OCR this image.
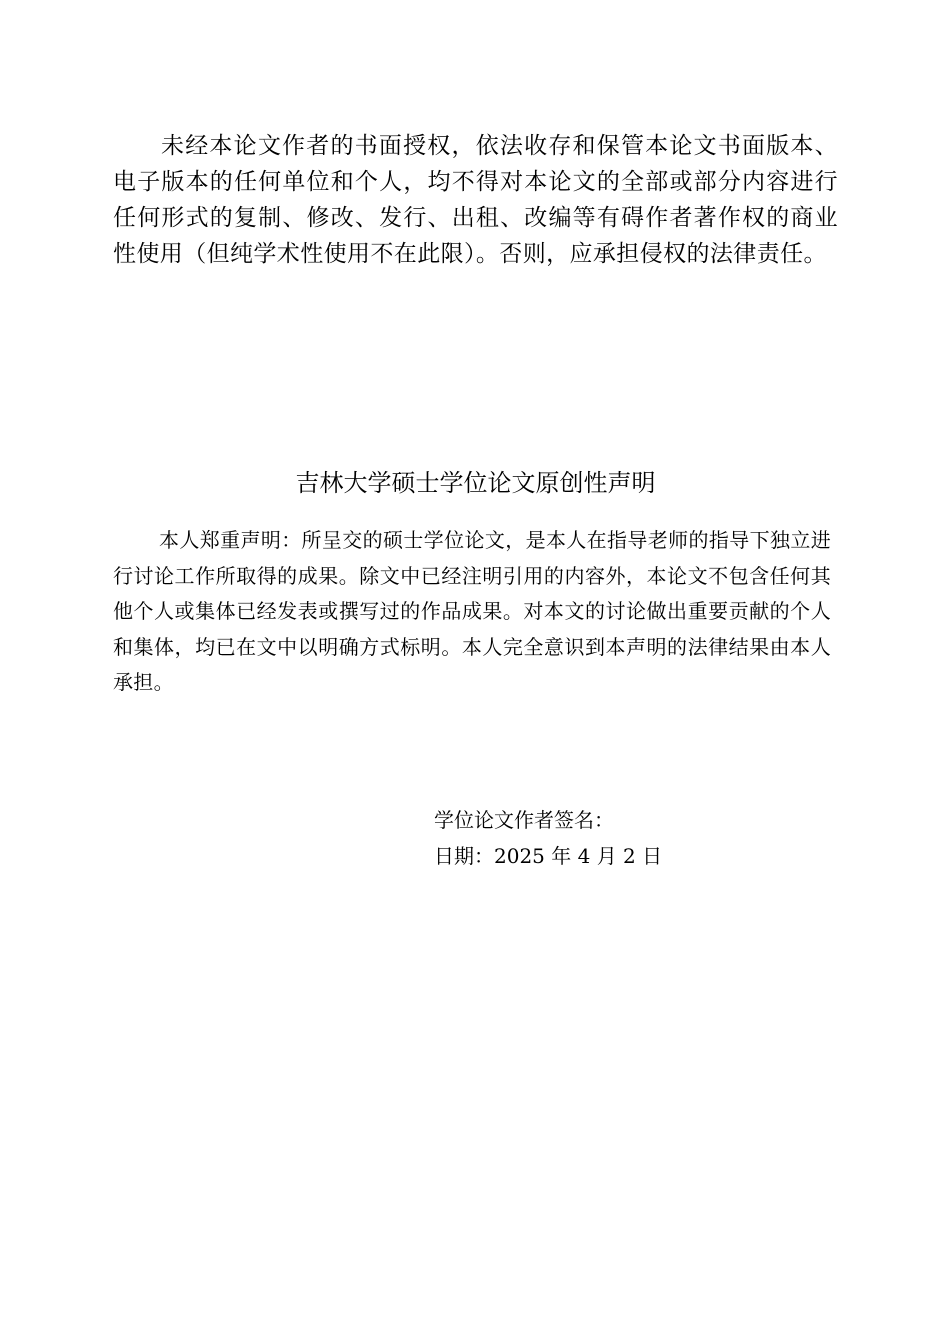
未经本论文作者的书面授权，依法收存和保管本论文书面版本、电子版本的任何单位和个人，均不得对本论文的全部或部分内容进行任何形式的复制、修改、发行、出租、改编等有碍作者著作权的商业性使用（但纯学术性使用不在此限）。否则，应承担侵权的法律责任。

吉林大学硕士学位论文原创性声明

本人郑重声明：所呈交的硕士学位论文，是本人在指导老师的指导下独立进行讨论工作所取得的成果。除文中已经注明引用的内容外，本论文不包含任何其他个人或集体已经发表或撰写过的作品成果。对本文的讨论做出重要贡献的个人和集体，均已在文中以明确方式标明。本人完全意识到本声明的法律结果由本人承担。

学位论文作者签名：
日期：2025 年 4 月 2 日
